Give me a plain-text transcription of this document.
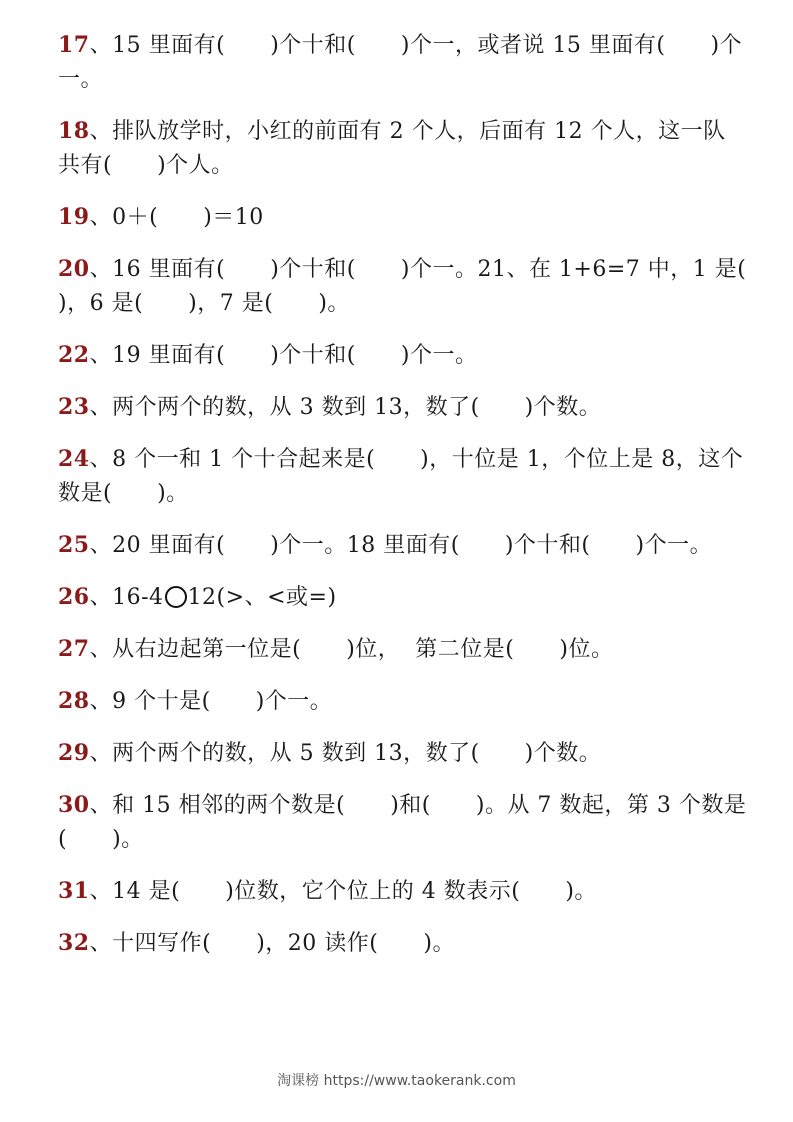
17、15 里面有(　　)个十和(　　)个一，或者说 15 里面有(　　)个一。
18、排队放学时，小红的前面有 2 个人，后面有 12 个人，这一队共有(　　)个人。
19、0＋(　　)＝10
20、16 里面有(　　)个十和(　　)个一。21、在 1+6=7 中，1 是(　　)，6 是(　　)，7 是(　　)。
22、19 里面有(　　)个十和(　　)个一。
23、两个两个的数，从 3 数到 13，数了(　　)个数。
24、8 个一和 1 个十合起来是(　　)，十位是 1，个位上是 8，这个数是(　　)。
25、20 里面有(　　)个一。18 里面有(　　)个十和(　　)个一。
26、16-4 12(>、<或=)
27、从右边起第一位是(　　)位，  第二位是(　　)位。
28、9 个十是(　　)个一。
29、两个两个的数，从 5 数到 13，数了(　　)个数。
30、和 15 相邻的两个数是(　　)和(　　)。从 7 数起，第 3 个数是(　　)。
31、14 是(　　)位数，它个位上的 4 数表示(　　)。
32、十四写作(　　)，20 读作(　　)。
淘课榜 https://www.taokerank.com
